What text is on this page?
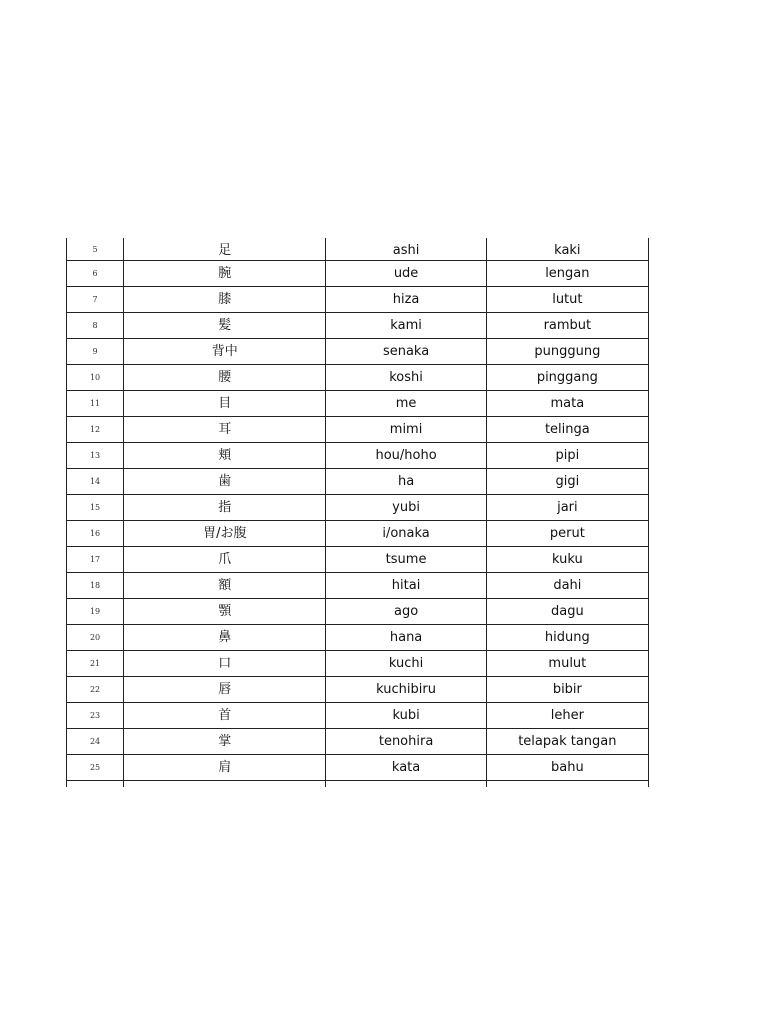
5	足	ashi	kaki
6	腕	ude	lengan
7	膝	hiza	lutut
8	髪	kami	rambut
9	背中	senaka	punggung
10	腰	koshi	pinggang
11	目	me	mata
12	耳	mimi	telinga
13	頬	hou/hoho	pipi
14	歯	ha	gigi
15	指	yubi	jari
16	胃/お腹	i/onaka	perut
17	爪	tsume	kuku
18	額	hitai	dahi
19	顎	ago	dagu
20	鼻	hana	hidung
21	口	kuchi	mulut
22	唇	kuchibiru	bibir
23	首	kubi	leher
24	掌	tenohira	telapak tangan
25	肩	kata	bahu
